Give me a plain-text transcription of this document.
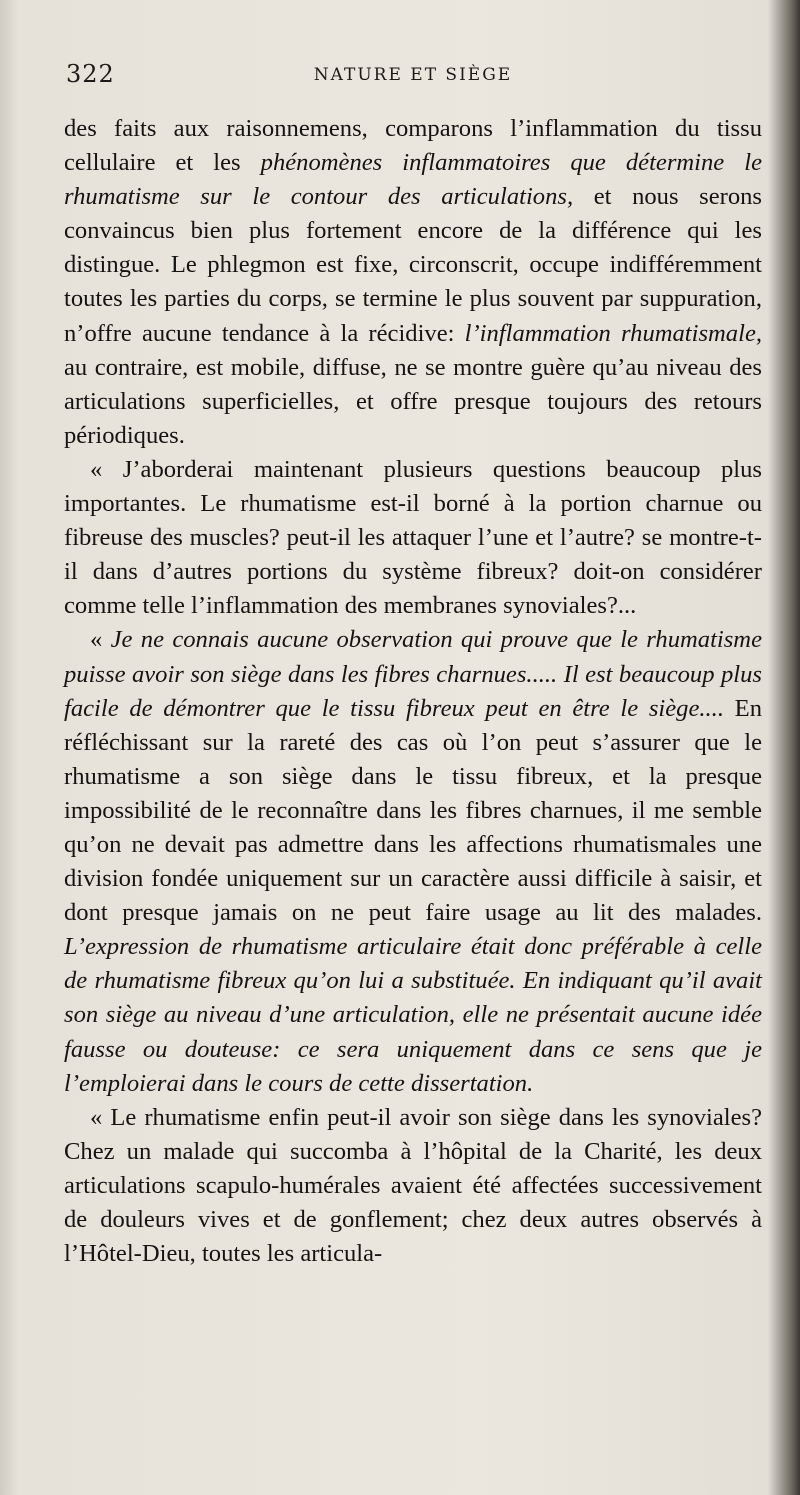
322	NATURE ET SIÈGE

des faits aux raisonnemens, comparons l’inflammation du tissu cellulaire et les phénomènes inflammatoires que détermine le rhumatisme sur le contour des articulations, et nous serons convaincus bien plus fortement encore de la différence qui les distingue. Le phlegmon est fixe, circonscrit, occupe indifféremment toutes les parties du corps, se termine le plus souvent par suppuration, n’offre aucune tendance à la récidive: l’inflammation rhumatismale, au contraire, est mobile, diffuse, ne se montre guère qu’au niveau des articulations superficielles, et offre presque toujours des retours périodiques.

« J’aborderai maintenant plusieurs questions beaucoup plus importantes. Le rhumatisme est-il borné à la portion charnue ou fibreuse des muscles? peut-il les attaquer l’une et l’autre? se montre-t-il dans d’autres portions du système fibreux? doit-on considérer comme telle l’inflammation des membranes synoviales?...

« Je ne connais aucune observation qui prouve que le rhumatisme puisse avoir son siège dans les fibres charnues..... Il est beaucoup plus facile de démontrer que le tissu fibreux peut en être le siège.... En réfléchissant sur la rareté des cas où l’on peut s’assurer que le rhumatisme a son siège dans le tissu fibreux, et la presque impossibilité de le reconnaître dans les fibres charnues, il me semble qu’on ne devait pas admettre dans les affections rhumatismales une division fondée uniquement sur un caractère aussi difficile à saisir, et dont presque jamais on ne peut faire usage au lit des malades. L’expression de rhumatisme articulaire était donc préférable à celle de rhumatisme fibreux qu’on lui a substituée. En indiquant qu’il avait son siège au niveau d’une articulation, elle ne présentait aucune idée fausse ou douteuse: ce sera uniquement dans ce sens que je l’emploierai dans le cours de cette dissertation.

« Le rhumatisme enfin peut-il avoir son siège dans les synoviales? Chez un malade qui succomba à l’hôpital de la Charité, les deux articulations scapulo-humérales avaient été affectées successivement de douleurs vives et de gonflement; chez deux autres observés à l’Hôtel-Dieu, toutes les articula-
